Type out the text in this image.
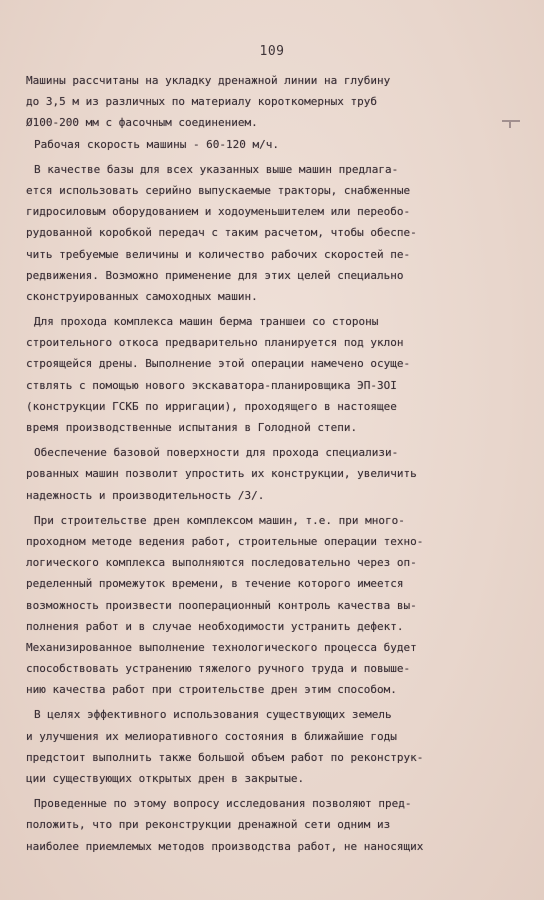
109
Машины рассчитаны на укладку дренажной линии на глубину
до 3,5 м из различных по материалу короткомерных труб
Ø100-200 мм с фасочным соединением.
Рабочая скорость машины - 60-120 м/ч.
В качестве базы для всех указанных выше машин предлага-
ется использовать серийно выпускаемые тракторы, снабженные
гидросиловым оборудованием и ходоуменьшителем или переобо-
рудованной коробкой передач с таким расчетом, чтобы обеспе-
чить требуемые величины и количество рабочих скоростей пе-
редвижения. Возможно применение для этих целей специально
сконструированных самоходных машин.
Для прохода комплекса машин берма траншеи со стороны
строительного откоса предварительно планируется под уклон
строящейся дрены. Выполнение этой операции намечено осуще-
ствлять с помощью нового экскаватора-планировщика ЭП-3ОI
(конструкции ГСКБ по ирригации), проходящего в настоящее
время производственные испытания в Голодной степи.
Обеспечение базовой поверхности для прохода специализи-
рованных машин позволит упростить их конструкции, увеличить
надежность и производительность /3/.
При строительстве дрен комплексом машин, т.е. при много-
проходном методе ведения работ, строительные операции техно-
логического комплекса выполняются последовательно через оп-
ределенный промежуток времени, в течение которого имеется
возможность произвести пооперационный контроль качества вы-
полнения работ и в случае необходимости устранить дефект.
Механизированное выполнение технологического процесса будет
способствовать устранению тяжелого ручного труда и повыше-
нию качества работ при строительстве дрен этим способом.
В целях эффективного использования существующих земель
и улучшения их мелиоративного состояния в ближайшие годы
предстоит выполнить также большой объем работ по реконструк-
ции существующих открытых дрен в закрытые.
Проведенные по этому вопросу исследования позволяют пред-
положить, что при реконструкции дренажной сети одним из
наиболее приемлемых методов производства работ, не наносящих
